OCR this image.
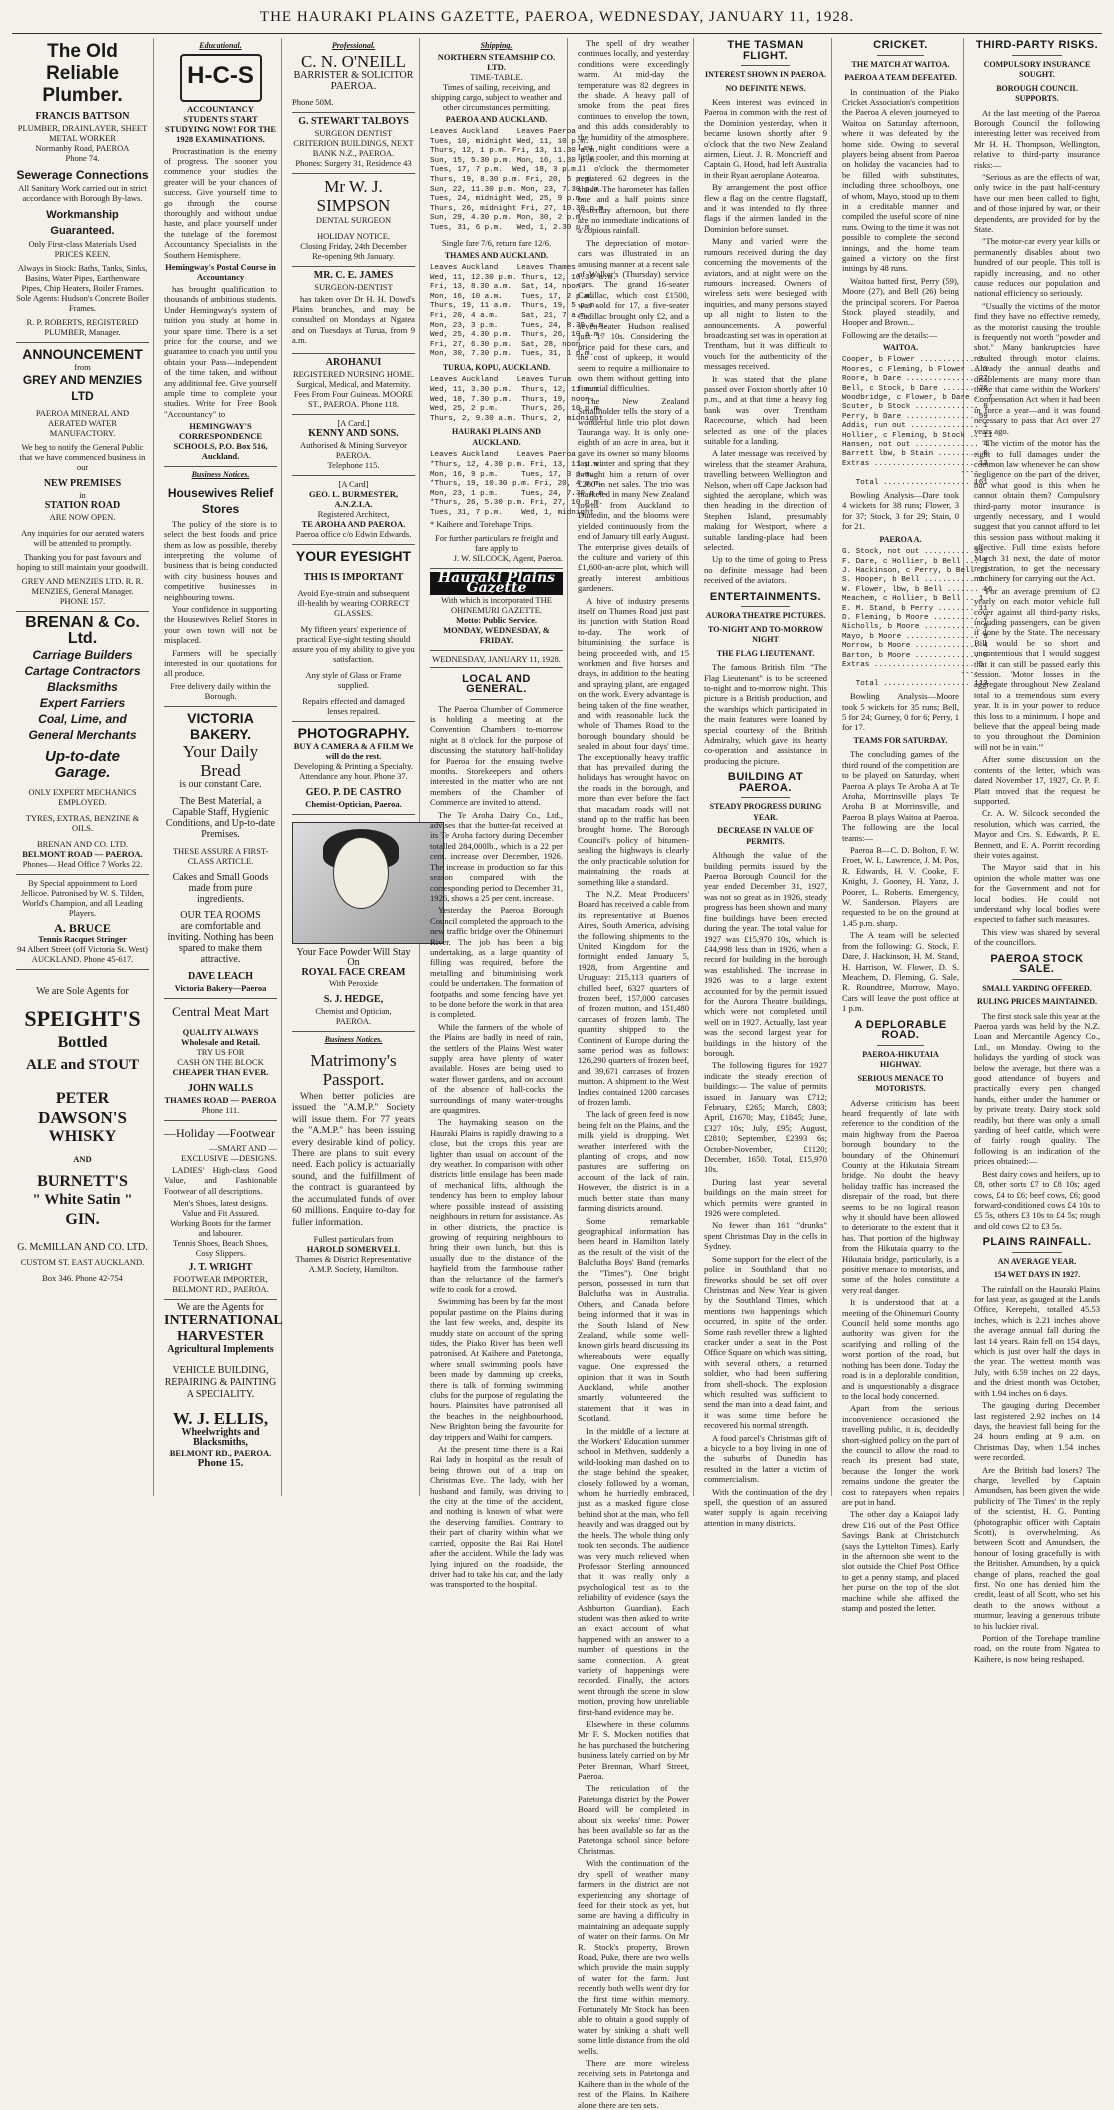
THE HAURAKI PLAINS GAZETTE, PAEROA, WEDNESDAY, JANUARY 11, 1928.
The Old Reliable Plumber.
FRANCIS BATTSON
PLUMBER, DRAINLAYER, SHEET METAL WORKER
Normanby Road, PAEROA
Phone 74.
Sewerage Connections
All Sanitary Work carried out in strict accordance with Borough By-laws.
Workmanship Guaranteed.
Only First-class Materials Used PRICES KEEN.
Always in Stock: Baths, Tanks, Sinks, Basins, Water Pipes, Earthenware Pipes, Chip Heaters, Boiler Frames.
Sole Agents: Hudson's Concrete Boiler Frames.
R. P. ROBERTS, REGISTERED PLUMBER, Manager.
ANNOUNCEMENT
from
GREY AND MENZIES LTD
PAEROA MINERAL AND AERATED WATER MANUFACTORY.
We beg to notify the General Public that we have commenced business in our
NEW PREMISES
in
STATION ROAD
ARE NOW OPEN.
Any inquiries for our aerated waters will be attended to promptly.
Thanking you for past favours and hoping to still maintain your goodwill.
GREY AND MENZIES LTD. R. R. MENZIES, General Manager.
PHONE 157.
BRENAN & Co. Ltd.
Carriage Builders
Cartage Contractors
Blacksmiths
Expert Farriers
Coal, Lime, and
General Merchants
Up-to-date Garage.
ONLY EXPERT MECHANICS EMPLOYED.
TYRES, EXTRAS, BENZINE & OILS.
BRENAN AND CO. LTD.
BELMONT ROAD — PAEROA.
Phones— Head Office 7 Works 22.
By Special appointment to Lord Jellicoe. Patronised by W. S. Tilden, World's Champion, and all Leading Players.
A. BRUCE
Tennis Racquet Stringer
94 Albert Street (off Victoria St. West) AUCKLAND. Phone 45-617.
We are Sole Agents for
SPEIGHT'S
Bottled
ALE and STOUT
PETER
DAWSON'S
WHISKY
AND
BURNETT'S
" White Satin "
GIN.
G. McMILLAN AND CO. LTD.
CUSTOM ST. EAST AUCKLAND.
Box 346. Phone 42-754
Educational.
H-C-S
ACCOUNTANCY STUDENTS START STUDYING NOW! FOR THE 1928 EXAMINATIONS.
Procrastination is the enemy of progress. The sooner you commence your studies the greater will be your chances of success. Give yourself time to go through the course thoroughly and without undue haste, and place yourself under the tutelage of the foremost Accountancy Specialists in the Southern Hemisphere.
Hemingway's Postal Course in Accountancy
has brought qualification to thousands of ambitious students. Under Hemingway's system of tuition you study at home in your spare time. There is a set price for the course, and we guarantee to coach you until you obtain your Pass—independent of the time taken, and without any additional fee. Give yourself ample time to complete your studies. Write for Free Book "Accountancy" to
HEMINGWAY'S CORRESPONDENCE SCHOOLS, P.O. Box 516, Auckland.
Business Notices.
Housewives Relief Stores
The policy of the store is to select the best foods and price them as low as possible, thereby interpreting the volume of business that is being conducted with city business houses and competitive businesses in neighbouring towns.
Your confidence in supporting the Housewives Relief Stores in your own town will not be misplaced.
Farmers will be specially interested in our quotations for all produce.
Free delivery daily within the Borough.
VICTORIA BAKERY.
Your Daily Bread
is our constant Care.
The Best Material, a Capable Staff, Hygienic Conditions, and Up-to-date Premises.
THESE ASSURE A FIRST-CLASS ARTICLE.
Cakes and Small Goods made from pure ingredients.
OUR TEA ROOMS
are comfortable and inviting. Nothing has been spared to make them attractive.
DAVE LEACH
Victoria Bakery—Paeroa
Central Meat Mart
QUALITY ALWAYS
Wholesale and Retail.
TRY US FOR
CASH ON THE BLOCK
CHEAPER THAN EVER.
JOHN WALLS
THAMES ROAD — PAEROA
Phone 111.
—Holiday —Footwear
—SMART AND —EXCLUSIVE —DESIGNS.
LADIES' High-class Good Value, and Fashionable Footwear of all descriptions.
Men's Shoes, latest designs. Value and Fit Assured.
Working Boots for the farmer and labourer.
Tennis Shoes, Beach Shoes, Cosy Slippers.
J. T. WRIGHT
FOOTWEAR IMPORTER, BELMONT RD., PAEROA.
We are the Agents for
INTERNATIONAL HARVESTER
Agricultural Implements
VEHICLE BUILDING, REPAIRING & PAINTING A SPECIALITY.
W. J. ELLIS,
Wheelwrights and Blacksmiths,
BELMONT RD., PAEROA.
Phone 15.
Professional.
C. N. O'NEILL
BARRISTER & SOLICITOR
PAEROA.
Phone 50M.
G. STEWART TALBOYS
SURGEON DENTIST
CRITERION BUILDINGS, NEXT BANK N.Z., PAEROA.
Phones: Surgery 31, Residence 43
Mr W. J. SIMPSON
DENTAL SURGEON
HOLIDAY NOTICE.
Closing Friday, 24th December
Re-opening 9th January.
MR. C. E. JAMES
SURGEON-DENTIST
has taken over Dr H. H. Dowd's Plains branches, and may be consulted on Mondays at Ngatea and on Tuesdays at Turua, from 9 a.m.
AROHANUI
REGISTERED NURSING HOME.
Surgical, Medical, and Maternity. Fees From Four Guineas. MOORE ST., PAEROA. Phone 118.
[A Card.]
KENNY AND SONS.
Authorised & Mining Surveyor PAEROA.
Telephone 115.
[A Card]
GEO. L. BURMESTER, A.N.Z.I.A.
Registered Architect,
TE AROHA AND PAEROA.
Paeroa office c/o Edwin Edwards.
YOUR EYESIGHT
THIS IS IMPORTANT
Avoid Eye-strain and subsequent ill-health by wearing CORRECT GLASSES.
My fifteen years' experience of practical Eye-sight testing should assure you of my ability to give you satisfaction.
Any style of Glass or Frame supplied.
Repairs effected and damaged lenses repaired.
PHOTOGRAPHY.
BUY A CAMERA & A FILM We will do the rest.
Developing & Printing a Specialty. Attendance any hour. Phone 37.
GEO. P. DE CASTRO
Chemist-Optician, Paeroa.
Your Face Powder Will Stay On
ROYAL FACE CREAM
With Peroxide
S. J. HEDGE,
Chemist and Optician,
PAEROA.
Business Notices.
Matrimony's Passport.
When better policies are issued the "A.M.P." Society will issue them. For 77 years the "A.M.P." has been issuing every desirable kind of policy. There are plans to suit every need. Each policy is actuarially sound, and the fulfillment of the contract is guaranteed by the accumulated funds of over 60 millions. Enquire to-day for fuller information.
Fullest particulars from
HAROLD SOMERVELL
Thames & District Representative
A.M.P. Society, Hamilton.
Shipping.
NORTHERN STEAMSHIP CO. LTD.
TIME-TABLE.
Times of sailing, receiving, and shipping cargo, subject to weather and other circumstances permitting.
PAEROA AND AUCKLAND.
Leaves Auckland    Leaves Paeroa
Tues, 10, midnight Wed, 11, 10 p.m.
Thurs, 12, 1 p.m. Fri, 13, 11.30 a.m.
Sun, 15, 5.30 p.m. Mon, 16, 1.30 p.m.
Tues, 17, 7 p.m.  Wed, 18, 3 p.m.
Thurs, 19, 8.30 p.m. Fri, 20, 5 p.m.
Sun, 22, 11.30 p.m. Mon, 23, 7.30 p.m.
Tues, 24, midnight Wed, 25, 9 p.m.
Thurs, 26, midnight Fri, 27, 10.30 p.m.
Sun, 29, 4.30 p.m. Mon, 30, 2 p.m.
Tues, 31, 6 p.m.   Wed, 1, 2.30 p.m.
Single fare 7/6, return fare 12/6.
THAMES AND AUCKLAND.
Leaves Auckland    Leaves Thames
Wed, 11, 12.30 p.m. Thurs, 12, 10.30 a.m.
Fri, 13, 8.30 a.m.  Sat, 14, noon.
Mon, 16, 10 a.m.    Tues, 17, 2 p.m.
Thurs, 19, 11 a.m.  Thurs, 19, 5 p.m.
Fri, 20, 4 a.m.     Sat, 21, 7 a.m.
Mon, 23, 3 p.m.     Tues, 24, 8.30 a.m.
Wed, 25, 4.30 p.m.  Thurs, 26, 10 a.m.
Fri, 27, 6.30 p.m.  Sat, 28, noon.
Mon, 30, 7.30 p.m.  Tues, 31, 1 p.m.
TURUA, KOPU, AUCKLAND.
Leaves Auckland    Leaves Turua
Wed, 11, 3.30 p.m.  Thurs, 12, 11 a.m.
Wed, 18, 7.30 p.m.  Thurs, 19, noon.
Wed, 25, 2 p.m.     Thurs, 26, 10 p.m.
Thurs, 2, 9.30 a.m. Thurs, 2, midnight
HAURAKI PLAINS AND AUCKLAND.
Leaves Auckland    Leaves Paeroa
*Thurs, 12, 4.30 p.m. Fri, 13, 11 p.m.
Mon, 16, 9 p.m.     Tues, 17, 3 p.m.
*Thurs, 19, 10.30 p.m. Fri, 20, 4 p.m.
Mon, 23, 1 p.m.     Tues, 24, 7.30 p.m.
*Thurs, 26, 5.30 p.m. Fri, 27, 10 p.m.
Tues, 31, 7 p.m.    Wed, 1, midnight
* Kaihere and Torehape Trips.
For further particulars re freight and fare apply to
J. W. SILCOCK, Agent, Paeroa.
Hauraki Plains Gazette
With which is incorporated THE OHINEMURI GAZETTE.
Motto: Public Service.
MONDAY, WEDNESDAY, & FRIDAY.
WEDNESDAY, JANUARY 11, 1928.
LOCAL AND GENERAL.

The Paeroa Chamber of Commerce is holding a meeting at the Convention Chambers to-morrow night at 8 o'clock for the purpose of discussing the statutory half-holiday for Paeroa for the ensuing twelve months. Storekeepers and others interested in the matter who are not members of the Chamber of Commerce are invited to attend.

The Te Aroha Dairy Co., Ltd., advises that the butter-fat received at its Te Aroha factory during December totalled 284,000lb., which is a 22 per cent. increase over December, 1926. The increase in production so far this season compared with the corresponding period to December 31, 1926, shows a 25 per cent. increase.

Yesterday the Paeroa Borough Council completed the approach to the new traffic bridge over the Ohinemuri River. The job has been a big undertaking, as a large quantity of filling was required, before the metalling and bituminising work could be undertaken. The formation of footpaths and some fencing have yet to be done before the work in that area is completed.

While the farmers of the whole of the Plains are badly in need of rain, the settlers of the Plains West water supply area have plenty of water available. Hoses are being used to water flower gardens, and on account of the absence of hall-cocks the surroundings of many water-troughs are quagmires.

The haymaking season on the Hauraki Plains is rapidly drawing to a close, but the crops this year are lighter than usual on account of the dry weather. In comparison with other districts little ensilage has been made of mechanical lifts, although the tendency has been to employ labour where possible instead of assisting neighbours in return for assistance. As in other districts, the practice is growing of requiring neighbours to bring their own lunch, but this is usually due to the distance of the hayfield from the farmhouse rather than the reluctance of the farmer's wife to cook for a crowd.

Swimming has been by far the most popular pastime on the Plains during the last few weeks, and, despite its muddy state on account of the spring tides, the Piako River has been well patronised. At Kaihere and Patetonga, where small swimming pools have been made by damming up creeks, there is talk of forming swimming clubs for the purpose of regulating the hours. Plainsites have patronised all the beaches in the neighbourhood, New Brighton being the favourite for day trippers and Waihi for campers.

At the present time there is a Rai Rai lady in hospital as the result of being thrown out of a trap on Christmas Eve. The lady, with her husband and family, was driving to the city at the time of the accident, and nothing is known of what were the deserving families. Contrary to their part of charity within what we carried, opposite the Rai Rai Hotel after the accident. While the lady was lying injured on the roadside, the driver had to take his car, and the lady was transported to the hospital.

The spell of dry weather continues locally, and yesterday conditions were exceedingly warm. At mid-day the temperature was 82 degrees in the shade. A heavy pall of smoke from the peat fires continues to envelop the town, and this adds considerably to the humidity of the atmosphere. Last night conditions were a little cooler, and this morning at 11 o'clock the thermometer registered 62 degrees in the shade. The barometer has fallen one and a half points since yesterday afternoon, but there are no immediate indications of a copious rainfall.

The depreciation of motor-cars was illustrated in an amusing manner at a recent sale of Walker's (Thursday) service cars. The grand 16-seater Cadillac, which cost £1500, was sold for 17, a five-seater Cadillac brought only £2, and a seven-seater Hudson realised just 17 10s. Considering the price paid for these cars, and the cost of upkeep, it would seem to require a millionaire to own them without getting into financial difficulties.

The New Zealand Smallholder tells the story of a wonderful little trio plot down Tauranga way. It is only one-eighth of an acre in area, but it gave its owner so many blooms last winter and spring that they brought him a return of over £200 in net sales. The trio was marketed in many New Zealand towns from Auckland to Dunedin, and the blooms were yielded continuously from the end of January till early August. The enterprise gives details of the culture and variety of this £1,600-an-acre plot, which will greatly interest ambitious gardeners.

A hive of industry presents itself on Thames Road just past its junction with Station Road to-day. The work of bituminising the surface is being proceeded with, and 15 workmen and five horses and drays, in addition to the heating and spraying plant, are engaged on the work. Every advantage is being taken of the fine weather, and with reasonable luck the whole of Thames Road to the borough boundary should be sealed in about four days' time. The exceptionally heavy traffic that has prevailed during the holidays has wrought havoc on the roads in the borough, and more than ever before the fact that macadam roads will not stand up to the traffic has been brought home. The Borough Council's policy of bitumen-sealing the highways is clearly the only practicable solution for maintaining the roads at something like a standard.

The N.Z. Meat Producers' Board has received a cable from its representative at Buenos Aires, South America, advising the following shipments to the United Kingdom for the fortnight ended January 5, 1928, from Argentine and Uruguay: 215,113 quarters of chilled beef, 6327 quarters of frozen beef, 157,000 carcases of frozen mutton, and 151,480 carcases of frozen lamb. The quantity shipped to the Continent of Europe during the same period was as follows: 126,290 quarters of frozen beef, and 39,671 carcases of frozen mutton. A shipment to the West Indies contained 1200 carcases of frozen lamb.

The lack of green feed is now being felt on the Plains, and the milk yield is dropping. Wet weather interfered with the planting of crops, and now pastures are suffering on account of the lack of rain. However, the district is in a much better state than many farming districts around.

Some remarkable geographical information has been heard in Hamilton lately as the result of the visit of the Balclutha Boys' Band (remarks the "Times"). One bright person, possessed in turn that Balclutha was in Australia. Others, and Canada before being informed that it was in the South Island of New Zealand, while some well-known girls heard discussing its whereabouts were equally vague. One expressed the opinion that it was in South Auckland, while another smartly volunteered the statement that it was in Scotland.

In the middle of a lecture at the Workers' Education summer school in Methven, suddenly a wild-looking man dashed on to the stage behind the speaker, closely followed by a woman, whom he hurriedly embraced, just as a masked figure close behind shot at the man, who fell heavily and was dragged out by the heels. The whole thing only took ten seconds. The audience was very much relieved when Professor Sterling announced that it was really only a psychological test as to the reliability of evidence (says the Ashburton Guardian). Each student was then asked to write an exact account of what happened with an answer to a number of questions in the same connection. A great variety of happenings were recorded. Finally, the actors went through the scene in slow motion, proving how unreliable first-hand evidence may be.

Elsewhere in these columns Mr F. S. Mocken notifies that he has purchased the butchering business lately carried on by Mr Peter Brennan, Wharf Street, Paeroa.

The reticulation of the Patetonga district by the Power Board will be completed in about six weeks' time. Power has been available so far as the Patetonga school since before Christmas.

With the continuation of the dry spell of weather many farmers in the district are not experiencing any shortage of feed for their stock as yet, but some are having a difficulty in maintaining an adequate supply of water on their farms. On Mr R. Stock's property, Brown Road, Puke, there are two wells which provide the main supply of water for the farm. Just recently both wells went dry for the first time within memory. Fortunately Mr Stock has been able to obtain a good supply of water by sinking a shaft well some little distance from the old wells.

There are more wireless receiving sets in Patetonga and Kaihere than in the whole of the rest of the Plains. In Kaihere alone there are ten sets.

THE TASMAN FLIGHT.
INTEREST SHOWN IN PAEROA.
NO DEFINITE NEWS.

Keen interest was evinced in Paeroa in common with the rest of the Dominion yesterday, when it became known shortly after 9 o'clock that the two New Zealand airmen, Lieut. J. R. Moncrieff and Captain G. Hood, had left Australia in their Ryan aeroplane Aotearoa.

By arrangement the post office flew a flag on the centre flagstaff, and it was intended to fly three flags if the airmen landed in the Dominion before sunset.

Many and varied were the rumours received during the day concerning the movements of the aviators, and at night were on the rumours increased. Owners of wireless sets were besieged with inquiries, and many persons stayed up all night to listen to the announcements. A powerful broadcasting set was in operation at Trentham, but it was difficult to vouch for the authenticity of the messages received.

It was stated that the plane passed over Foxton shortly after 10 p.m., and at that time a heavy fog bank was over Trentham Racecourse, which had been selected as one of the places suitable for a landing.

A later message was received by wireless that the steamer Arahura, travelling between Wellington and Nelson, when off Cape Jackson had sighted the aeroplane, which was then heading in the direction of Stephen Island, presumably making for Westport, where a suitable landing-place had been selected.

Up to the time of going to Press no definite message had been received of the aviators.

ENTERTAINMENTS.
AURORA THEATRE PICTURES.
TO-NIGHT AND TO-MORROW NIGHT
THE FLAG LIEUTENANT.

The famous British film "The Flag Lieutenant" is to be screened to-night and to-morrow night. This picture is a British production, and the warships which participated in the main features were loaned by special courtesy of the British Admiralty, which gave its hearty co-operation and assistance in producing the picture.

BUILDING AT PAEROA.
STEADY PROGRESS DURING YEAR.
DECREASE IN VALUE OF PERMITS.

Although the value of the building permits issued by the Paeroa Borough Council for the year ended December 31, 1927, was not so great as in 1926, steady progress has been shown and many fine buildings have been erected during the year. The total value for 1927 was £15,970 10s, which is £44,998 less than in 1926, when a record for building in the borough was established. The increase in 1926 was to a large extent accounted for by the permit issued for the Aurora Theatre buildings, which were not completed until well on in 1927. Actually, last year was the second largest year for buildings in the history of the borough.

The following figures for 1927 indicate the steady erection of buildings:— The value of permits issued in January was £712; February, £265; March, £803; April, £1670; May, £1845; June, £327 10s; July, £95; August, £2810; September, £2393 6s; October-November, £1120; December, 1650. Total, £15,970 10s.

During last year several buildings on the main street for which permits were granted in 1926 were completed.

No fewer than 161 "drunks" spent Christmas Day in the cells in Sydney.

Some support for the elect of the police in Southland that no fireworks should be set off over Christmas and New Year is given by the Southland Times, which mentions two happenings which occurred, in spite of the order. Some rash reveller threw a lighted cracker under a seat in the Post Office Square on which was sitting, with several others, a returned soldier, who had been suffering from shell-shock. The explosion which resulted was sufficient to send the man into a dead faint, and it was some time before he recovered his normal strength.

A food parcel's Christmas gift of a bicycle to a boy living in one of the suburbs of Dunedin has resulted in the latter a victim of commercialism.

With the continuation of the dry spell, the question of an assured water supply is again receiving attention in many districts.

CRICKET.
THE MATCH AT WAITOA.
PAEROA A TEAM DEFEATED.

In continuation of the Piako Cricket Association's competition the Paeroa A eleven journeyed to Waitoa on Saturday afternoon, where it was defeated by the home side. Owing to several players being absent from Paeroa on holiday the vacancies had to be filled with substitutes, including three schoolboys, one of whom, Mayo, stood up to them in a creditable manner and compiled the useful score of nine runs. Owing to the time it was not possible to complete the second innings, and the home team gained a victory on the first innings by 48 runs.

Waitoa batted first, Perry (59), Moore (27), and Bell (26) being the principal scorers. For Paeroa Stock played steadily, and Hooper and Brown...

Following are the details:—
WAITOA.
Cooper, b Flower ............ 2
Moores, c Fleming, b Flower .. 3
Roore, b Dare ............... 27
Bell, c Stock, b Dare ....... 26
Woodbridge, c Flower, b Dare .. 7
Scuter, b Stock .............. 8
Perry, b Dare ............... 59
Addis, run out ............... 1
Hollier, c Fleming, b Stock .. 11
Hansen, not out .............. 4
Barrett lbw, b Stain ......... 0
Extras ...................... 13
----
Total ................... 161

Bowling Analysis—Dare took 4 wickets for 38 runs; Flower, 3 for 37; Stock, 3 for 29; Stain, 0 for 21.

PAEROA A.
G. Stock, not out .......... 33
F. Dare, c Hollier, b Bell ... 1
J. Hackinson, c Perry, b Bell  1
S. Hooper, b Bell ........... 1
W. Flower, lbw, b Bell ....... 16
Meachem, c Hollier, b Bell .. 1
E. M. Stand, b Perry ........ 11
D. Fleming, b Moore .......... 2
Nicholls, b Moore ............ 9
Mayo, b Moore ................ 9
Morrow, b Moore .............. 4
Barton, b Moore .............. 0
Extras ...................... 5
----
Total ................... 113

Bowling Analysis—Moore took 5 wickets for 35 runs; Bell, 5 for 24; Gurney, 0 for 6; Perry, 1 for 17.

TEAMS FOR SATURDAY.

The concluding games of the third round of the competition are to be played on Saturday, when Paeroa A plays Te Aroha A at Te Aroha, Morrinsville plays Te Aroha B at Morrinsville, and Paeroa B plays Waitoa at Paeroa. The following are the local teams:—

Paeroa B—C. D. Bolton, F. W. Froet, W. L. Lawrence, J. M. Pos, R. Edwards, H. V. Cooke, F. Knight, J. Gooney, H. Yanz, J. Poorer, L. Roberts. Emergency, W. Sanderson. Players are requested to be on the ground at 1.45 p.m. sharp.

The A team will be selected from the following: G. Stock, F. Dare, J. Hackinson, H. M. Stand, H. Harrison, W. Flower, D. S. Meachem, D. Fleming, G. Sale, R. Roundtree, Morrow, Mayo. Cars will leave the post office at 1 p.m.

A DEPLORABLE ROAD.
PAEROA-HIKUTAIA HIGHWAY.
SERIOUS MENACE TO MOTORISTS.

Adverse criticism has been heard frequently of late with reference to the condition of the main highway from the Paeroa borough boundary to the boundary of the Ohinemuri County at the Hikutaia Stream bridge. No doubt the heavy holiday traffic has increased the disrepair of the road, but there seems to be no logical reason why it should have been allowed to deteriorate to the extent that it has. That portion of the highway from the Hikutaia quarry to the Hikutaia bridge, particularly, is a positive menace to motorists, and some of the holes constitute a very real danger.

It is understood that at a meeting of the Ohinemuri County Council held some months ago authority was given for the scarifying and rolling of the worst portion of the road, but nothing has been done. Today the road is in a deplorable condition, and is unquestionably a disgrace to the local body concerned.

Apart from the serious inconvenience occasioned the travelling public, it is, decidedly short-sighted policy on the part of the council to allow the road to reach its present bad state, because the longer the work remains undone the greater the cost to ratepayers when repairs are put in hand.

The other day a Kaiapoi lady drew £16 out of the Post Office Savings Bank at Christchurch (says the Lyttelton Times). Early in the afternoon she went to the slot outside the Chief Post Office to get a penny stamp, and placed her purse on the top of the slot machine while she affixed the stamp and posted the letter.

THIRD-PARTY RISKS.
COMPULSORY INSURANCE SOUGHT.
BOROUGH COUNCIL SUPPORTS.

At the last meeting of the Paeroa Borough Council the following interesting letter was received from Mr H. H. Thompson, Wellington, relative to third-party insurance risks:—

"Serious as are the effects of war, only twice in the past half-century have our men been called to fight, and of those injured by war, or their dependents, are provided for by the State.

"The motor-car every year kills or permanently disables about two hundred of our people. This toll is rapidly increasing, and no other cause reduces our population and national efficiency so seriously.

"Usually the victims of the motor find they have no effective remedy, as the motorist causing the trouble is frequently not worth "powder and shot." Many bankruptcies have resulted through motor claims. Already the annual deaths and disablements are many more than those that came within the Workers' Compensation Act when it had been in force a year—and it was found necessary to pass that Act over 27 years ago.

"The victim of the motor has the right to full damages under the common law whenever he can show negligence on the part of the driver, but what good is this when he cannot obtain them? Compulsory third-party motor insurance is urgently necessary, and I would suggest that you cannot afford to let this session pass without making it effective. Full time exists before March 31 next, the date of motor registration, to get the necessary machinery for carrying out the Act.

"For an average premium of £2 yearly on each motor vehicle full cover against all third-party risks, including passengers, can be given if done by the State. The necessary Bill would be so short and uncontentious that I would suggest that it can still be passed early this session. 'Motor losses in the aggregate throughout New Zealand total to a tremendous sum every year. It is in your power to reduce this loss to a minimum. I hope and believe that the appeal being made to you throughout the Dominion will not be in vain.'"

After some discussion on the contents of the letter, which was dated November 17, 1927, Cr. P. F. Platt moved that the request be supported.

Cr. A. W. Silcock seconded the resolution, which was carried, the Mayor and Crs. S. Edwards, P. E. Bennett, and E. A. Porritt recording their votes against.

The Mayor said that in his opinion the whole matter was one for the Government and not for local bodies. He could not understand why local bodies were expected to father such measures.

This view was shared by several of the councillors.

PAEROA STOCK SALE.
SMALL YARDING OFFERED.
RULING PRICES MAINTAINED.

The first stock sale this year at the Paeroa yards was held by the N.Z. Loan and Mercantile Agency Co., Ltd., on Monday. Owing to the holidays the yarding of stock was below the average, but there was a good attendance of buyers and practically every pen changed hands, either under the hammer or by private treaty. Dairy stock sold readily, but there was only a small yarding of beef cattle, which were of fairly rough quality. The following is an indication of the prices obtained:—

Best dairy cows and heifers, up to £8, other sorts £7 to £8 10s; aged cows, £4 to £6; beef cows, £6; good forward-conditioned cows £4 10s to £5 5s, others £3 10s to £4 5s; rough and old cows £2 to £3 5s.

PLAINS RAINFALL.
AN AVERAGE YEAR.
154 WET DAYS IN 1927.

The rainfall on the Hauraki Plains for last year, as gauged at the Lands Office, Kerepehi, totalled 45.53 inches, which is 2.21 inches above the average annual fall during the last 14 years. Rain fell on 154 days, which is just over half the days in the year. The wettest month was July, with 6.59 inches on 22 days, and the driest month was October, with 1.94 inches on 6 days.

The gauging during December last registered 2.92 inches on 14 days, the heaviest fall being for the 24 hours ending at 9 a.m. on Christmas Day, when 1.54 inches were recorded.

Are the British bad losers? The charge, levelled by Captain Amundsen, has been given the wide publicity of The Times' in the reply of the scientist, H. G. Ponting (photographic officer with Captain Scott), is overwhelming. As between Scott and Amundsen, the honour of losing gracefully is with the Britisher. Amundsen, by a quick change of plans, reached the goal first. No one has denied him the credit, least of all Scott, who set his death to the snows without a murmur, leaving a generous tribute to his luckier rival.

Portion of the Torehape tramline road, on the route from Ngatea to Kaihere, is now being reshaped.
